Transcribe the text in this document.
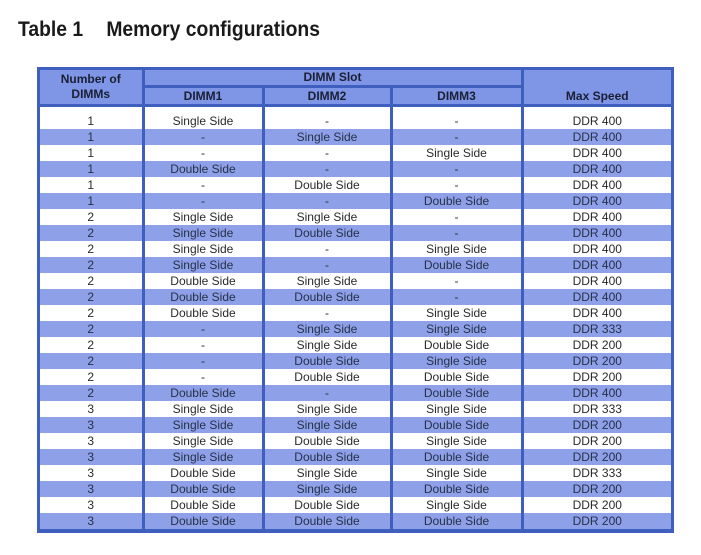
Table 1 Memory configurations
Number of DIMMs	DIMM Slot			Max Speed
	DIMM1	DIMM2	DIMM3	
1	Single Side	-	-	DDR 400
1	-	Single Side	-	DDR 400
1	-	-	Single Side	DDR 400
1	Double Side	-	-	DDR 400
1	-	Double Side	-	DDR 400
1	-	-	Double Side	DDR 400
2	Single Side	Single Side	-	DDR 400
2	Single Side	Double Side	-	DDR 400
2	Single Side	-	Single Side	DDR 400
2	Single Side	-	Double Side	DDR 400
2	Double Side	Single Side	-	DDR 400
2	Double Side	Double Side	-	DDR 400
2	Double Side	-	Single Side	DDR 400
2	-	Single Side	Single Side	DDR 333
2	-	Single Side	Double Side	DDR 200
2	-	Double Side	Single Side	DDR 200
2	-	Double Side	Double Side	DDR 200
2	Double Side	-	Double Side	DDR 400
3	Single Side	Single Side	Single Side	DDR 333
3	Single Side	Single Side	Double Side	DDR 200
3	Single Side	Double Side	Single Side	DDR 200
3	Single Side	Double Side	Double Side	DDR 200
3	Double Side	Single Side	Single Side	DDR 333
3	Double Side	Single Side	Double Side	DDR 200
3	Double Side	Double Side	Single Side	DDR 200
3	Double Side	Double Side	Double Side	DDR 200
